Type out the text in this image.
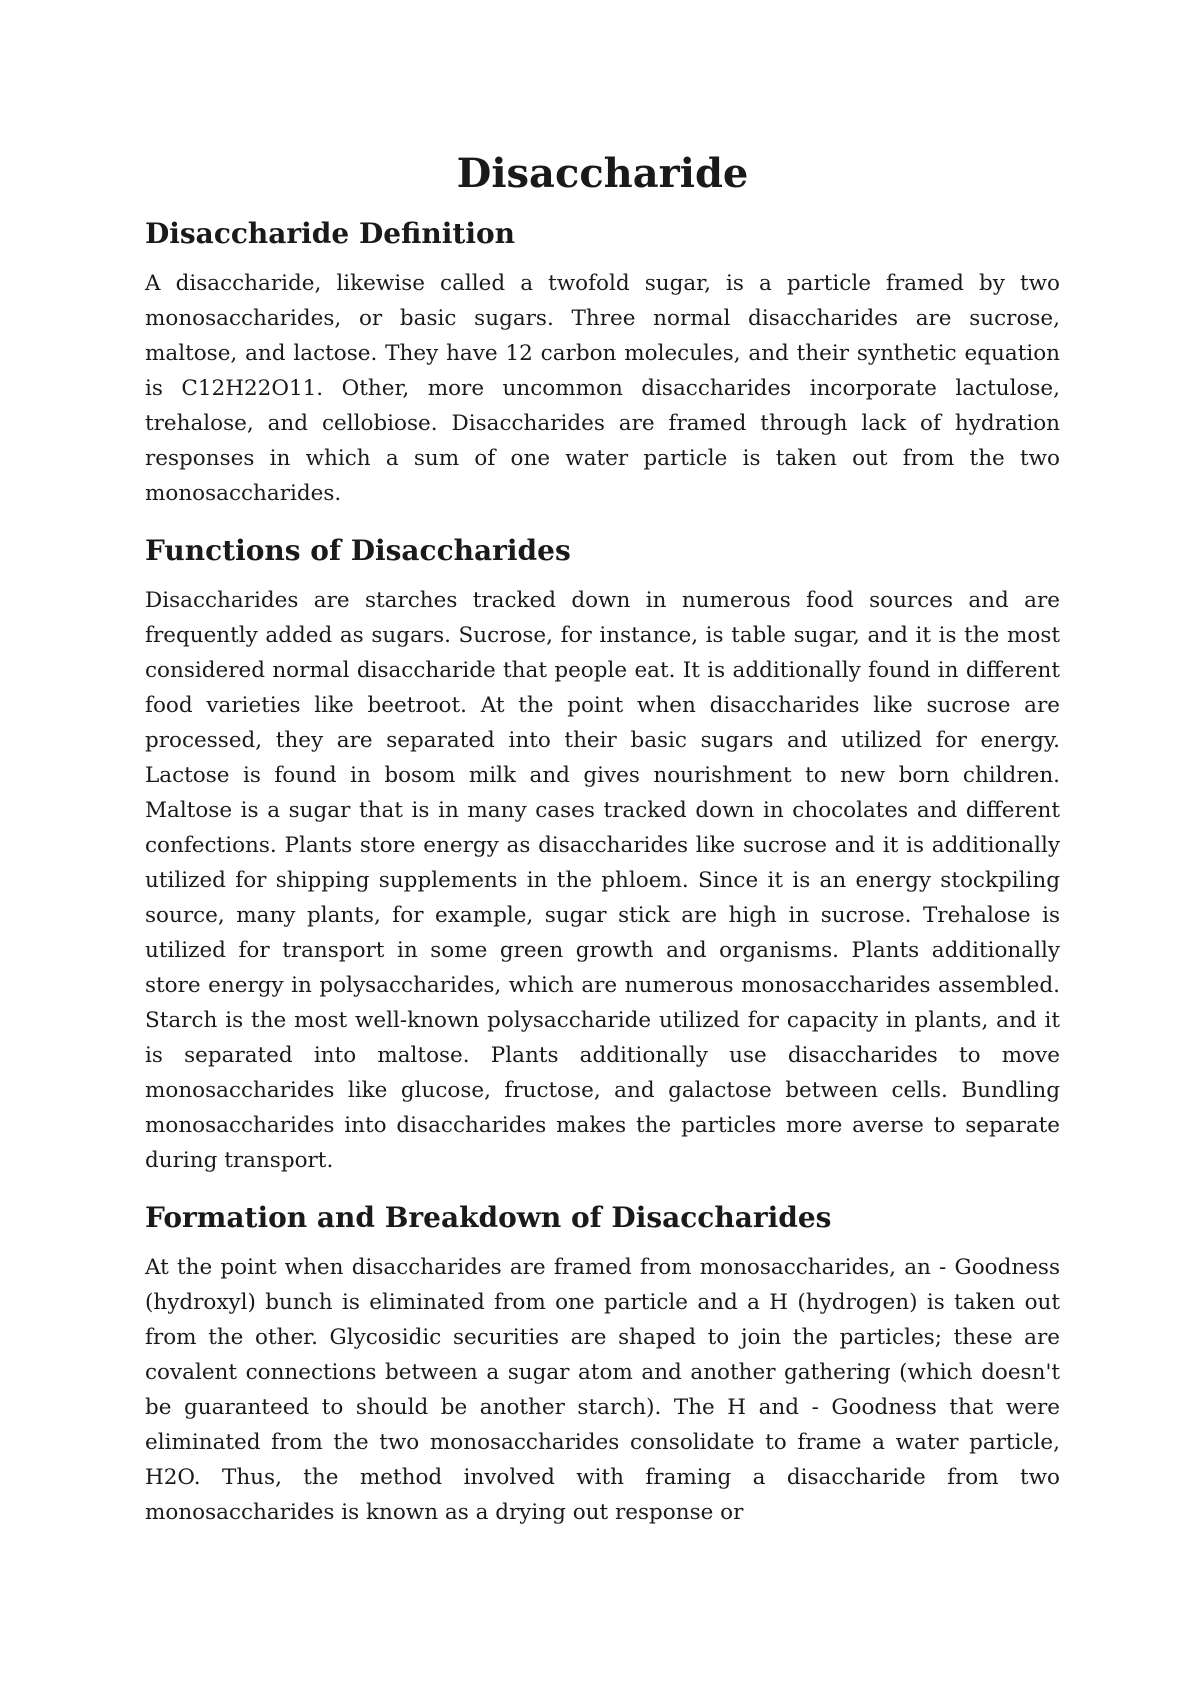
Disaccharide
Disaccharide Definition

A disaccharide, likewise called a twofold sugar, is a particle framed by two monosaccharides, or basic sugars. Three normal disaccharides are sucrose, maltose, and lactose. They have 12 carbon molecules, and their synthetic equation is C12H22O11. Other, more uncommon disaccharides incorporate lactulose, trehalose, and cellobiose. Disaccharides are framed through lack of hydration responses in which a sum of one water particle is taken out from the two monosaccharides.

Functions of Disaccharides

Disaccharides are starches tracked down in numerous food sources and are frequently added as sugars. Sucrose, for instance, is table sugar, and it is the most considered normal disaccharide that people eat. It is additionally found in different food varieties like beetroot. At the point when disaccharides like sucrose are processed, they are separated into their basic sugars and utilized for energy. Lactose is found in bosom milk and gives nourishment to new born children. Maltose is a sugar that is in many cases tracked down in chocolates and different confections. Plants store energy as disaccharides like sucrose and it is additionally utilized for shipping supplements in the phloem. Since it is an energy stockpiling source, many plants, for example, sugar stick are high in sucrose. Trehalose is utilized for transport in some green growth and organisms. Plants additionally store energy in polysaccharides, which are numerous monosaccharides assembled. Starch is the most well-known polysaccharide utilized for capacity in plants, and it is separated into maltose. Plants additionally use disaccharides to move monosaccharides like glucose, fructose, and galactose between cells. Bundling monosaccharides into disaccharides makes the particles more averse to separate during transport.

Formation and Breakdown of Disaccharides

At the point when disaccharides are framed from monosaccharides, an - Goodness (hydroxyl) bunch is eliminated from one particle and a H (hydrogen) is taken out from the other. Glycosidic securities are shaped to join the particles; these are covalent connections between a sugar atom and another gathering (which doesn't be guaranteed to should be another starch). The H and - Goodness that were eliminated from the two monosaccharides consolidate to frame a water particle, H2O. Thus, the method involved with framing a disaccharide from two monosaccharides is known as a drying out response or
